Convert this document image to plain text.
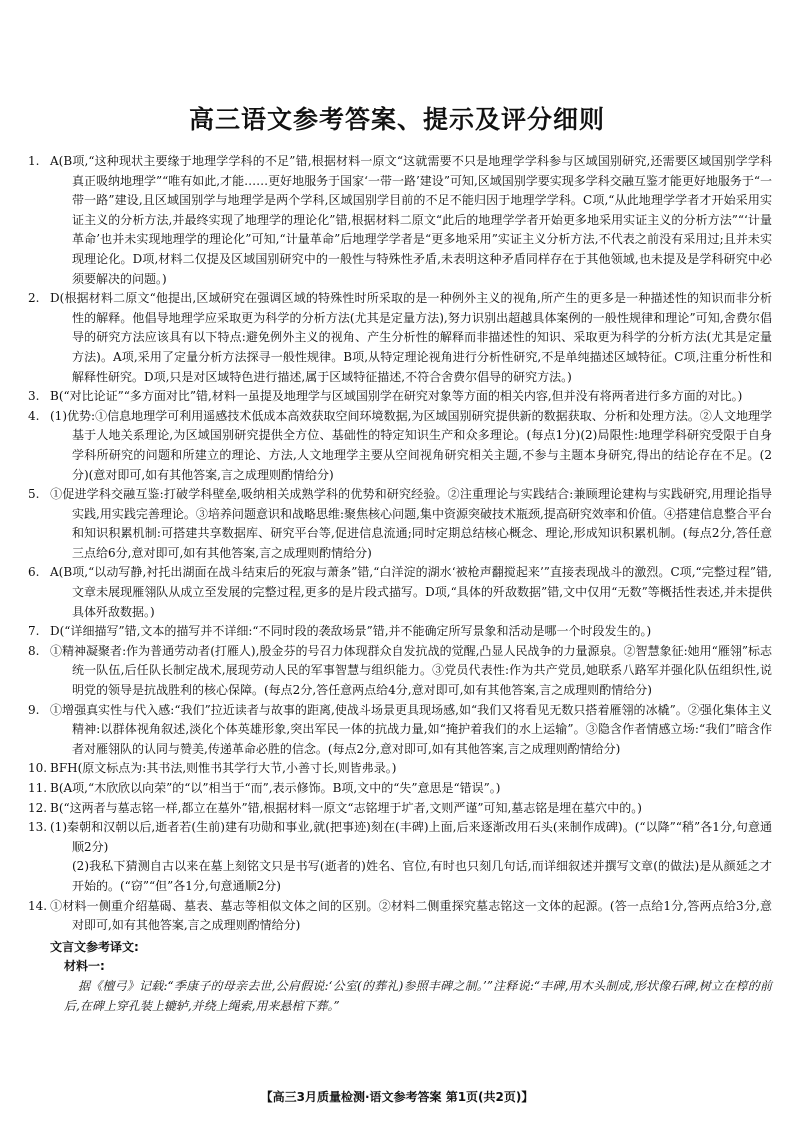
高三语文参考答案、提示及评分细则

1. A(B项,“这种现状主要缘于地理学学科的不足”错,根据材料一原文“这就需要不只是地理学学科参与区域国别研究,还需要区域国别学学科真正吸纳地理学”“唯有如此,才能……更好地服务于国家‘一带一路’建设”可知,区域国别学要实现多学科交融互鉴才能更好地服务于“一带一路”建设,且区域国别学与地理学是两个学科,区域国别学目前的不足不能归因于地理学学科。C项,“从此地理学学者才开始采用实证主义的分析方法,并最终实现了地理学的理论化”错,根据材料二原文“此后的地理学学者开始更多地采用实证主义的分析方法”“‘计量革命’也并未实现地理学的理论化”可知,“计量革命”后地理学学者是“更多地采用”实证主义分析方法,不代表之前没有采用过;且并未实现理论化。D项,材料二仅提及区域国别研究中的一般性与特殊性矛盾,未表明这种矛盾同样存在于其他领域,也未提及是学科研究中必须要解决的问题。)

2. D(根据材料二原文“他提出,区域研究在强调区域的特殊性时所采取的是一种例外主义的视角,所产生的更多是一种描述性的知识而非分析性的解释。他倡导地理学应采取更为科学的分析方法(尤其是定量方法),努力识别出超越具体案例的一般性规律和理论”可知,舍费尔倡导的研究方法应该具有以下特点:避免例外主义的视角、产生分析性的解释而非描述性的知识、采取更为科学的分析方法(尤其是定量方法)。A项,采用了定量分析方法探寻一般性规律。B项,从特定理论视角进行分析性研究,不是单纯描述区域特征。C项,注重分析性和解释性研究。D项,只是对区域特色进行描述,属于区域特征描述,不符合舍费尔倡导的研究方法。)

3. B(“对比论证”“多方面对比”错,材料一虽提及地理学与区域国别学在研究对象等方面的相关内容,但并没有将两者进行多方面的对比。)

4. (1)优势:①信息地理学可利用遥感技术低成本高效获取空间环境数据,为区域国别研究提供新的数据获取、分析和处理方法。②人文地理学基于人地关系理论,为区域国别研究提供全方位、基础性的特定知识生产和众多理论。(每点1分)(2)局限性:地理学科研究受限于自身学科所研究的问题和所建立的理论、方法,人文地理学主要从空间视角研究相关主题,不参与主题本身研究,得出的结论存在不足。(2分)(意对即可,如有其他答案,言之成理则酌情给分)

5. ①促进学科交融互鉴:打破学科壁垒,吸纳相关成熟学科的优势和研究经验。②注重理论与实践结合:兼顾理论建构与实践研究,用理论指导实践,用实践完善理论。③培养问题意识和战略思维:聚焦核心问题,集中资源突破技术瓶颈,提高研究效率和价值。④搭建信息整合平台和知识积累机制:可搭建共享数据库、研究平台等,促进信息流通;同时定期总结核心概念、理论,形成知识积累机制。(每点2分,答任意三点给6分,意对即可,如有其他答案,言之成理则酌情给分)

6. A(B项,“以动写静,衬托出湖面在战斗结束后的死寂与萧条”错,“白洋淀的湖水‘被枪声翻搅起来’”直接表现战斗的激烈。C项,“完整过程”错,文章未展现雁翎队从成立至发展的完整过程,更多的是片段式描写。D项,“具体的歼敌数据”错,文中仅用“无数”等概括性表述,并未提供具体歼敌数据。)

7. D(“详细描写”错,文本的描写并不详细:“不同时段的袭敌场景”错,并不能确定所写景象和活动是哪一个时段发生的。)

8. ①精神凝聚者:作为普通劳动者(打雁人),殷金芬的号召力体现群众自发抗战的觉醒,凸显人民战争的力量源泉。②智慧象征:她用“雁翎”标志统一队伍,后任队长制定战术,展现劳动人民的军事智慧与组织能力。③党员代表性:作为共产党员,她联系八路军并强化队伍组织性,说明党的领导是抗战胜利的核心保障。(每点2分,答任意两点给4分,意对即可,如有其他答案,言之成理则酌情给分)

9. ①增强真实性与代入感:“我们”拉近读者与故事的距离,使战斗场景更具现场感,如“我们又将看见无数只搭着雁翎的冰橇”。②强化集体主义精神:以群体视角叙述,淡化个体英雄形象,突出军民一体的抗战力量,如“掩护着我们的水上运输”。③隐含作者情感立场:“我们”暗含作者对雁翎队的认同与赞美,传递革命必胜的信念。(每点2分,意对即可,如有其他答案,言之成理则酌情给分)

10. BFH(原文标点为:其书法,则惟书其学行大节,小善寸长,则皆弗录。)

11. B(A项,“木欣欣以向荣”的“以”相当于“而”,表示修饰。B项,文中的“失”意思是“错误”。)

12. B(“这两者与墓志铭一样,都立在墓外”错,根据材料一原文“志铭埋于圹者,文则严谨”可知,墓志铭是埋在墓穴中的。)

13. (1)秦朝和汉朝以后,逝者若(生前)建有功勋和事业,就(把事迹)刻在(丰碑)上面,后来逐渐改用石头(来制作成碑)。(“以降”“稍”各1分,句意通顺2分)

(2)我私下猜测自古以来在墓上刻铭文只是书写(逝者的)姓名、官位,有时也只刻几句话,而详细叙述并撰写文章(的做法)是从颜延之才开始的。(“窃”“但”各1分,句意通顺2分)

14. ①材料一侧重介绍墓碣、墓表、墓志等相似文体之间的区别。②材料二侧重探究墓志铭这一文体的起源。(答一点给1分,答两点给3分,意对即可,如有其他答案,言之成理则酌情给分)

文言文参考译文:

材料一:

据《檀弓》记载:“季康子的母亲去世,公肩假说:‘公室(的葬礼)参照丰碑之制。’”注释说:“丰碑,用木头制成,形状像石碑,树立在椁的前后,在碑上穿孔装上辘轳,并绕上绳索,用来悬棺下葬。”

【高三3月质量检测·语文参考答案 第1页(共2页)】
